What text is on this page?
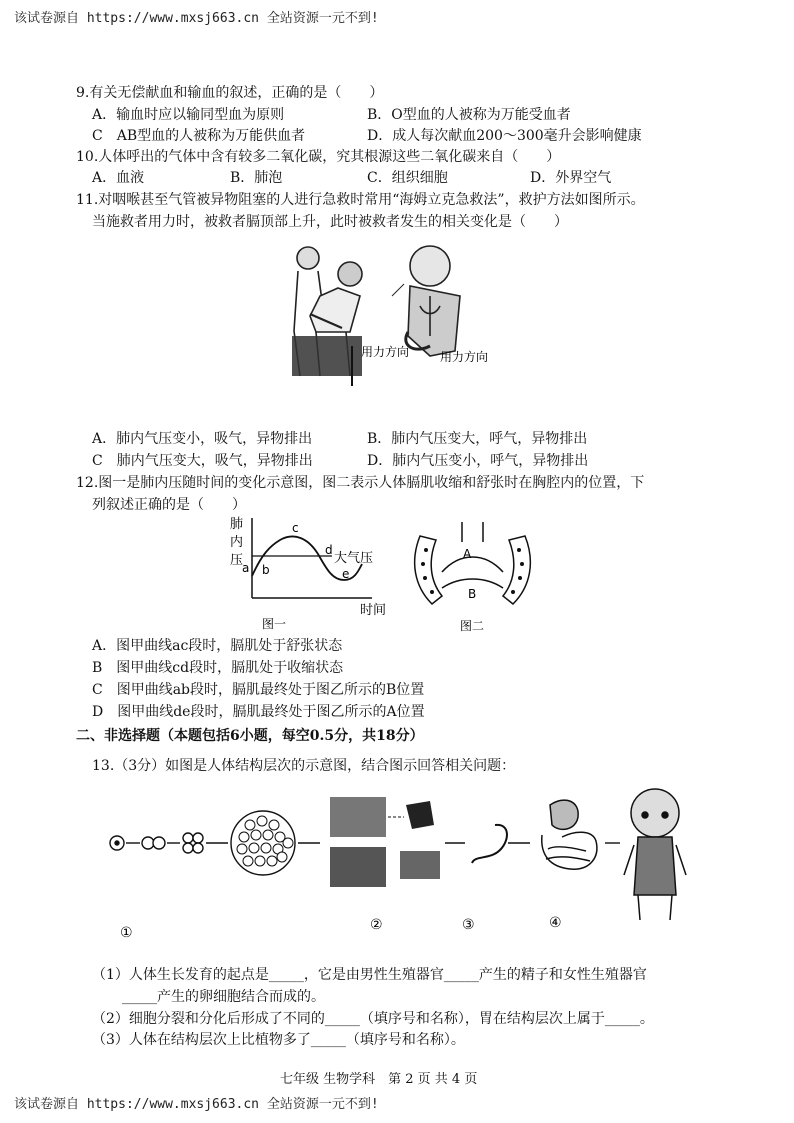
该试卷源自 https://www.mxsj663.cn 全站资源一元不到!
9.有关无偿献血和输血的叙述，正确的是（　　）
A．输血时应以输同型血为原则	B．O型血的人被称为万能受血者
C　AB型血的人被称为万能供血者	D．成人每次献血200～300毫升会影响健康
10.人体呼出的气体中含有较多二氧化碳，究其根源这些二氧化碳来自（　　）
A．血液	B．肺泡	C．组织细胞	D．外界空气
11.对咽喉甚至气管被异物阻塞的人进行急救时常用“海姆立克急救法”，救护方法如图所示。
当施救者用力时，被救者膈顶部上升，此时被救者发生的相关变化是（　　）
用力方向	用力方向
A．肺内气压变小，吸气，异物排出	B．肺内气压变大，呼气，异物排出
C　肺内气压变大，吸气，异物排出	D．肺内气压变小，呼气，异物排出
12.图一是肺内压随时间的变化示意图，图二表示人体膈肌收缩和舒张时在胸腔内的位置，下
列叙述正确的是（　　）
肺
内
压
a b
c
d
e
大气压
时间
图一
A
B
图二
A．图甲曲线ac段时，膈肌处于舒张状态
B　图甲曲线cd段时，膈肌处于收缩状态
C　图甲曲线ab段时，膈肌最终处于图乙所示的B位置
D　图甲曲线de段时，膈肌最终处于图乙所示的A位置
二、非选择题（本题包括6小题，每空0.5分，共18分）
13.（3分）如图是人体结构层次的示意图，结合图示回答相关问题：
①	②	③	④
（1）人体生长发育的起点是_____，它是由男性生殖器官_____产生的精子和女性生殖器官
_____产生的卵细胞结合而成的。
（2）细胞分裂和分化后形成了不同的_____（填序号和名称），胃在结构层次上属于_____。
（3）人体在结构层次上比植物多了_____（填序号和名称）。
七年级 生物学科　第 2 页 共 4 页
该试卷源自 https://www.mxsj663.cn 全站资源一元不到!
